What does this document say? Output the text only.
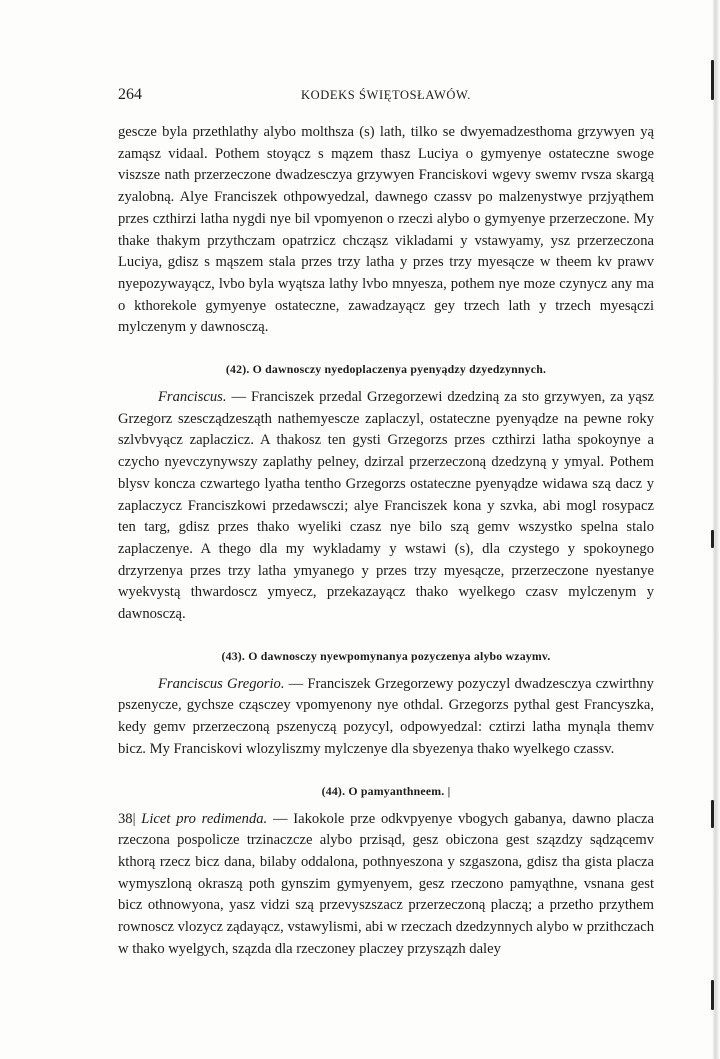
264	KODEKS ŚWIĘTOSŁAWÓW.

gescze byla przethlathy alybo molthsza (s) lath, tilko se dwyemadzesthoma grzywyen yą zamąsz vidaal. Pothem stoyącz s mązem thasz Luciya o gymyenye ostateczne swoge viszsze nath przerzeczone dwadzesczya grzywyen Franciskovi wgevy swemv rvsza skargą zyalobną. Alye Franciszek othpowyedzal, dawnego czassv po malzenystwye przjyąthem przes czthirzi latha nygdi nye bil vpomyenon o rzeczi alybo o gymyenye przerzeczone. My thake thakym przythczam opatrzicz chcząsz vikladami y vstawyamy, ysz przerzeczona Luciya, gdisz s mąszem stala przes trzy latha y przes trzy myesącze w theem kv prawv nyepozywayącz, lvbo byla wyątsza lathy lvbo mnyesza, pothem nye moze czynycz any ma o kthorekole gymyenye ostateczne, zawadzayącz gey trzech lath y trzech myesączi mylczenym y dawnosczą.

(42). O dawnosczy nyedoplaczenya pyenyądzy dzyedzynnych.

Franciscus. — Franciszek przedal Grzegorzewi dzedziną za sto grzywyen, za yąsz Grzegorz szescządzesząth nathemyesczе zaplaczyl, ostateczne pyenyądze na pewne roky szlvbvyącz zaplaczicz. A thakosz ten gysti Grzegorzs przes czthirzi latha spokoynye a czycho nyevczynywszy zaplathy pelney, dzirzal przerzeczoną dzedzyną y ymyal. Pothem blysv koncza czwartego lyatha tentho Grzegorzs ostateczne pyenyądze widawa szą dacz y zaplaczycz Franciszkowi przedawsczi; alye Franciszek kona y szvka, abi mogl rosypacz ten targ, gdisz przes thako wyeliki czasz nye bilo szą gemv wszystko spelna stalo zaplaczenye. A thego dla my wykladamy y wstawi (s), dla czystego y spokoynego drzyrzenya przes trzy latha ymyanego y przes trzy myesączе, przerzeczone nyestanye wyekvystą thwardoscz ymyecz, przekazayącz thako wyelkego czasv mylczenym y dawnosczą.

(43). O dawnosczy nyewpomynanya pozyczenya alybo wzaymv.

Franciscus Gregorio. — Franciszek Grzegorzewy pozyczyl dwadzesczya czwirthny pszenycze, gychsze cząsczey vpomyenony nye othdal. Grzegorzs pythal gest Francyszka, kedy gemv przerzeczoną pszenyczą pozycyl, odpowyedzal: cztirzi latha mynąla themv bicz. My Franciskovi wlozyliszmy mylczenye dla sbyezenya thako wyelkego czassv.

(44). O pamyanthneem. |

38| Licet pro redimenda. — Iakokole prze odkvpyenye vbogych gabanya, dawno placza rzeczona pospolicze trzinaczcze alybo przisąd, gesz obiczona gest szązdzy sądzącemv kthorą rzecz bicz dana, bilaby oddalona, pothnyeszona y szgaszona, gdisz tha gista placza wymyszloną okraszą poth gynszim gymyenyem, gesz rzeczono pamyąthne, vsnana gest bicz othnowyona, yasz vidzi szą przevyszszacz przerzeczoną placzą; a przetho przythem rownoscz vlozycz ządayącz, vstawylismi, abi w rzeczach dzedzynnych alybo w przithczach w thako wyelgych, szązda dla rzeczoney placzey przyszązh daley
